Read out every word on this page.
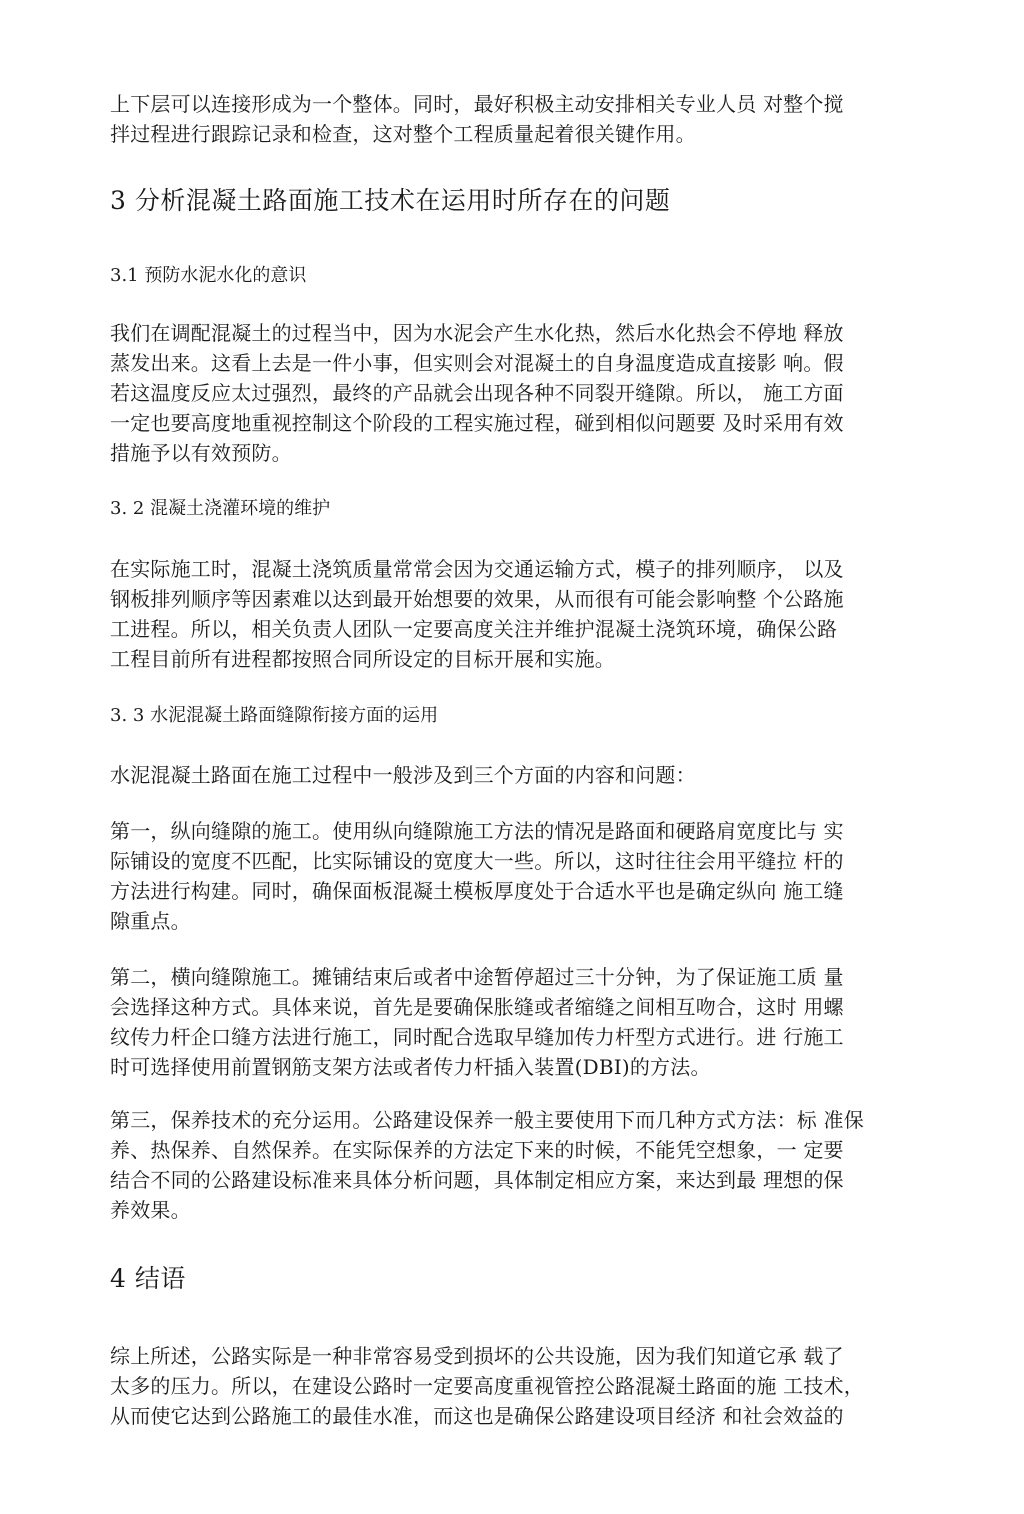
上下层可以连接形成为一个整体。同时，最好积极主动安排相关专业人员 对整个搅
拌过程进行跟踪记录和检查，这对整个工程质量起着很关键作用。
3 分析混凝土路面施工技术在运用时所存在的问题
3.1 预防水泥水化的意识
我们在调配混凝土的过程当中，因为水泥会产生水化热，然后水化热会不停地 释放
蒸发出来。这看上去是一件小事，但实则会对混凝土的自身温度造成直接影 响。假
若这温度反应太过强烈，最终的产品就会出现各种不同裂开缝隙。所以， 施工方面
一定也要高度地重视控制这个阶段的工程实施过程，碰到相似问题要 及时采用有效
措施予以有效预防。
3. 2 混凝土浇灌环境的维护
在实际施工时，混凝土浇筑质量常常会因为交通运输方式，模子的排列顺序， 以及
钢板排列顺序等因素难以达到最开始想要的效果，从而很有可能会影响整 个公路施
工进程。所以，相关负责人团队一定要高度关注并维护混凝土浇筑环境，确保公路
工程目前所有进程都按照合同所设定的目标开展和实施。
3. 3 水泥混凝土路面缝隙衔接方面的运用
水泥混凝土路面在施工过程中一般涉及到三个方面的内容和问题：
第一，纵向缝隙的施工。使用纵向缝隙施工方法的情况是路面和硬路肩宽度比与 实
际铺设的宽度不匹配，比实际铺设的宽度大一些。所以，这时往往会用平缝拉 杆的
方法进行构建。同时，确保面板混凝土模板厚度处于合适水平也是确定纵向 施工缝
隙重点。
第二，横向缝隙施工。摊铺结束后或者中途暂停超过三十分钟，为了保证施工质 量
会选择这种方式。具体来说，首先是要确保胀缝或者缩缝之间相互吻合，这时 用螺
纹传力杆企口缝方法进行施工，同时配合选取早缝加传力杆型方式进行。进 行施工
时可选择使用前置钢筋支架方法或者传力杆插入装置(DBI)的方法。
第三，保养技术的充分运用。公路建设保养一般主要使用下而几种方式方法：标 准保
养、热保养、自然保养。在实际保养的方法定下来的时候，不能凭空想象，一 定要
结合不同的公路建设标准来具体分析问题，具体制定相应方案，来达到最 理想的保
养效果。
4 结语
综上所述，公路实际是一种非常容易受到损坏的公共设施，因为我们知道它承 载了
太多的压力。所以，在建设公路时一定要高度重视管控公路混凝土路面的施 工技术，
从而使它达到公路施工的最佳水准，而这也是确保公路建设项目经济 和社会效益的
